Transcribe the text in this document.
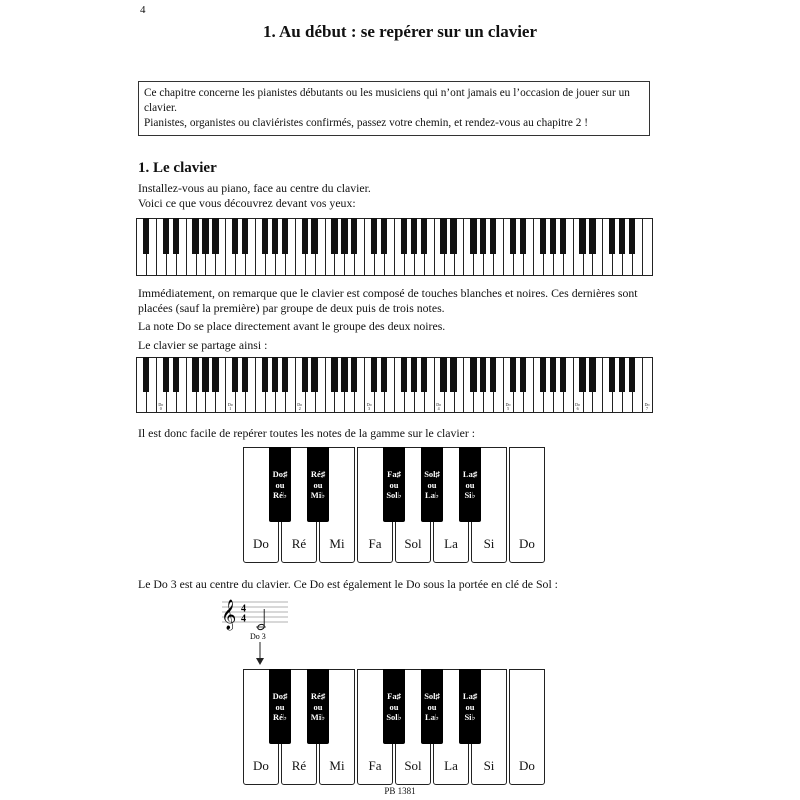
4
1. Au début : se repérer sur un clavier

Ce chapitre concerne les pianistes débutants ou les musiciens qui n’ont jamais eu l’occasion de jouer sur un clavier.

Pianistes, organistes ou claviéristes confirmés, passez votre chemin, et rendez-vous au chapitre 2 !

1. Le clavier

Installez-vous au piano, face au centre du clavier.

Voici ce que vous découvrez devant vos yeux:

Immédiatement, on remarque que le clavier est composé de touches blanches et noires. Ces dernières sont placées (sauf la première) par groupe de deux puis de trois notes.

La note Do se place directement avant le groupe des deux noires.

Le clavier se partage ainsi :

Do
0
Do
1
Do
2
Do
3
Do
4
Do
5
Do
6
Do
7

Il est donc facile de repérer toutes les notes de la gamme sur le clavier :

Do	Ré	Mi	Fa	Sol	La	Si	Do
Do♯
ou
Ré♭
Ré♯
ou
Mi♭
Fa♯
ou
Sol♭
Sol♯
ou
La♭
La♯
ou
Si♭

Le Do 3 est au centre du clavier. Ce Do est également le Do sous la portée en clé de Sol :

𝄞 4
4
Do 3
Do	Ré	Mi	Fa	Sol	La	Si	Do
Do♯
ou
Ré♭
Ré♯
ou
Mi♭
Fa♯
ou
Sol♭
Sol♯
ou
La♭
La♯
ou
Si♭
PB 1381
